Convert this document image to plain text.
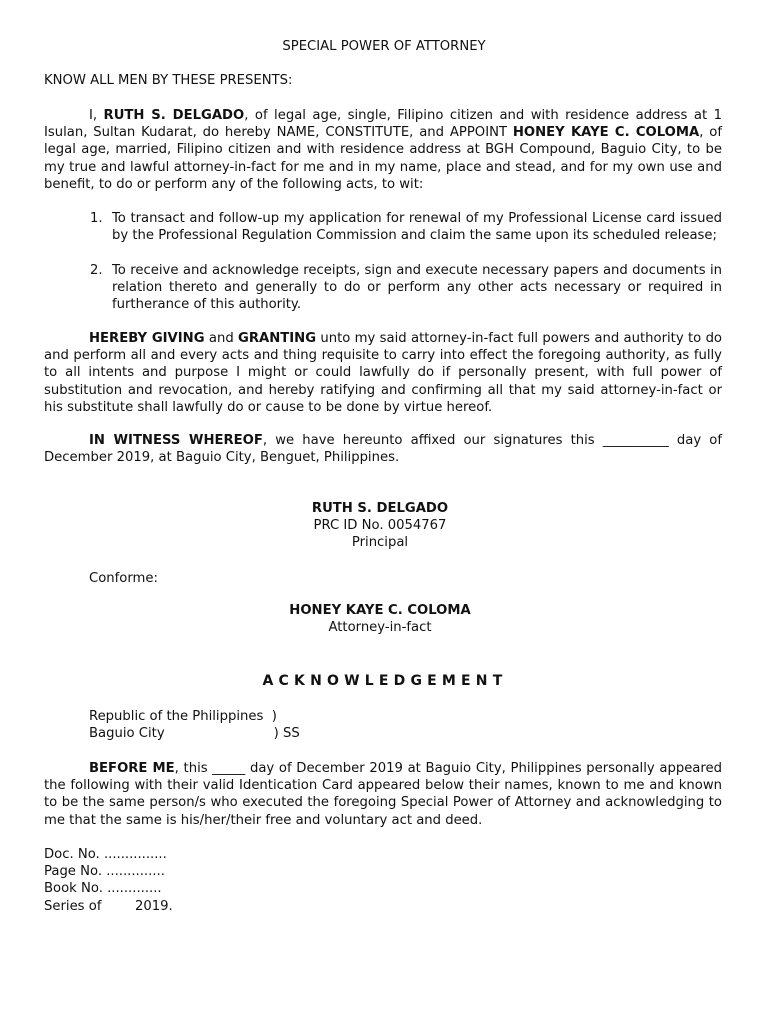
SPECIAL POWER OF ATTORNEY

KNOW ALL MEN BY THESE PRESENTS:

I, RUTH S. DELGADO, of legal age, single, Filipino citizen and with residence address at 1 Isulan, Sultan Kudarat, do hereby NAME, CONSTITUTE, and APPOINT HONEY KAYE C. COLOMA, of legal age, married, Filipino citizen and with residence address at BGH Compound, Baguio City, to be my true and lawful attorney-in-fact for me and in my name, place and stead, and for my own use and benefit, to do or perform any of the following acts, to wit:

1. To transact and follow-up my application for renewal of my Professional License card issued by the Professional Regulation Commission and claim the same upon its scheduled release;
2. To receive and acknowledge receipts, sign and execute necessary papers and documents in relation thereto and generally to do or perform any other acts necessary or required in furtherance of this authority.

HEREBY GIVING and GRANTING unto my said attorney-in-fact full powers and authority to do and perform all and every acts and thing requisite to carry into effect the foregoing authority, as fully to all intents and purpose I might or could lawfully do if personally present, with full power of substitution and revocation, and hereby ratifying and confirming all that my said attorney-in-fact or his substitute shall lawfully do or cause to be done by virtue hereof.

IN WITNESS WHEREOF, we have hereunto affixed our signatures this __________ day of December 2019, at Baguio City, Benguet, Philippines.

RUTH S. DELGADO

PRC ID No. 0054767

Principal

Conforme:

HONEY KAYE C. COLOMA

Attorney-in-fact

ACKNOWLEDGEMENT

Republic of the Philippines  )

Baguio City                          ) SS

BEFORE ME, this _____ day of December 2019 at Baguio City, Philippines personally appeared the following with their valid Identication Card appeared below their names, known to me and known to be the same person/s who executed the foregoing Special Power of Attorney and acknowledging to me that the same is his/her/their free and voluntary act and deed.

Doc. No. ...............

Page No. ..............

Book No. .............

Series of        2019.
